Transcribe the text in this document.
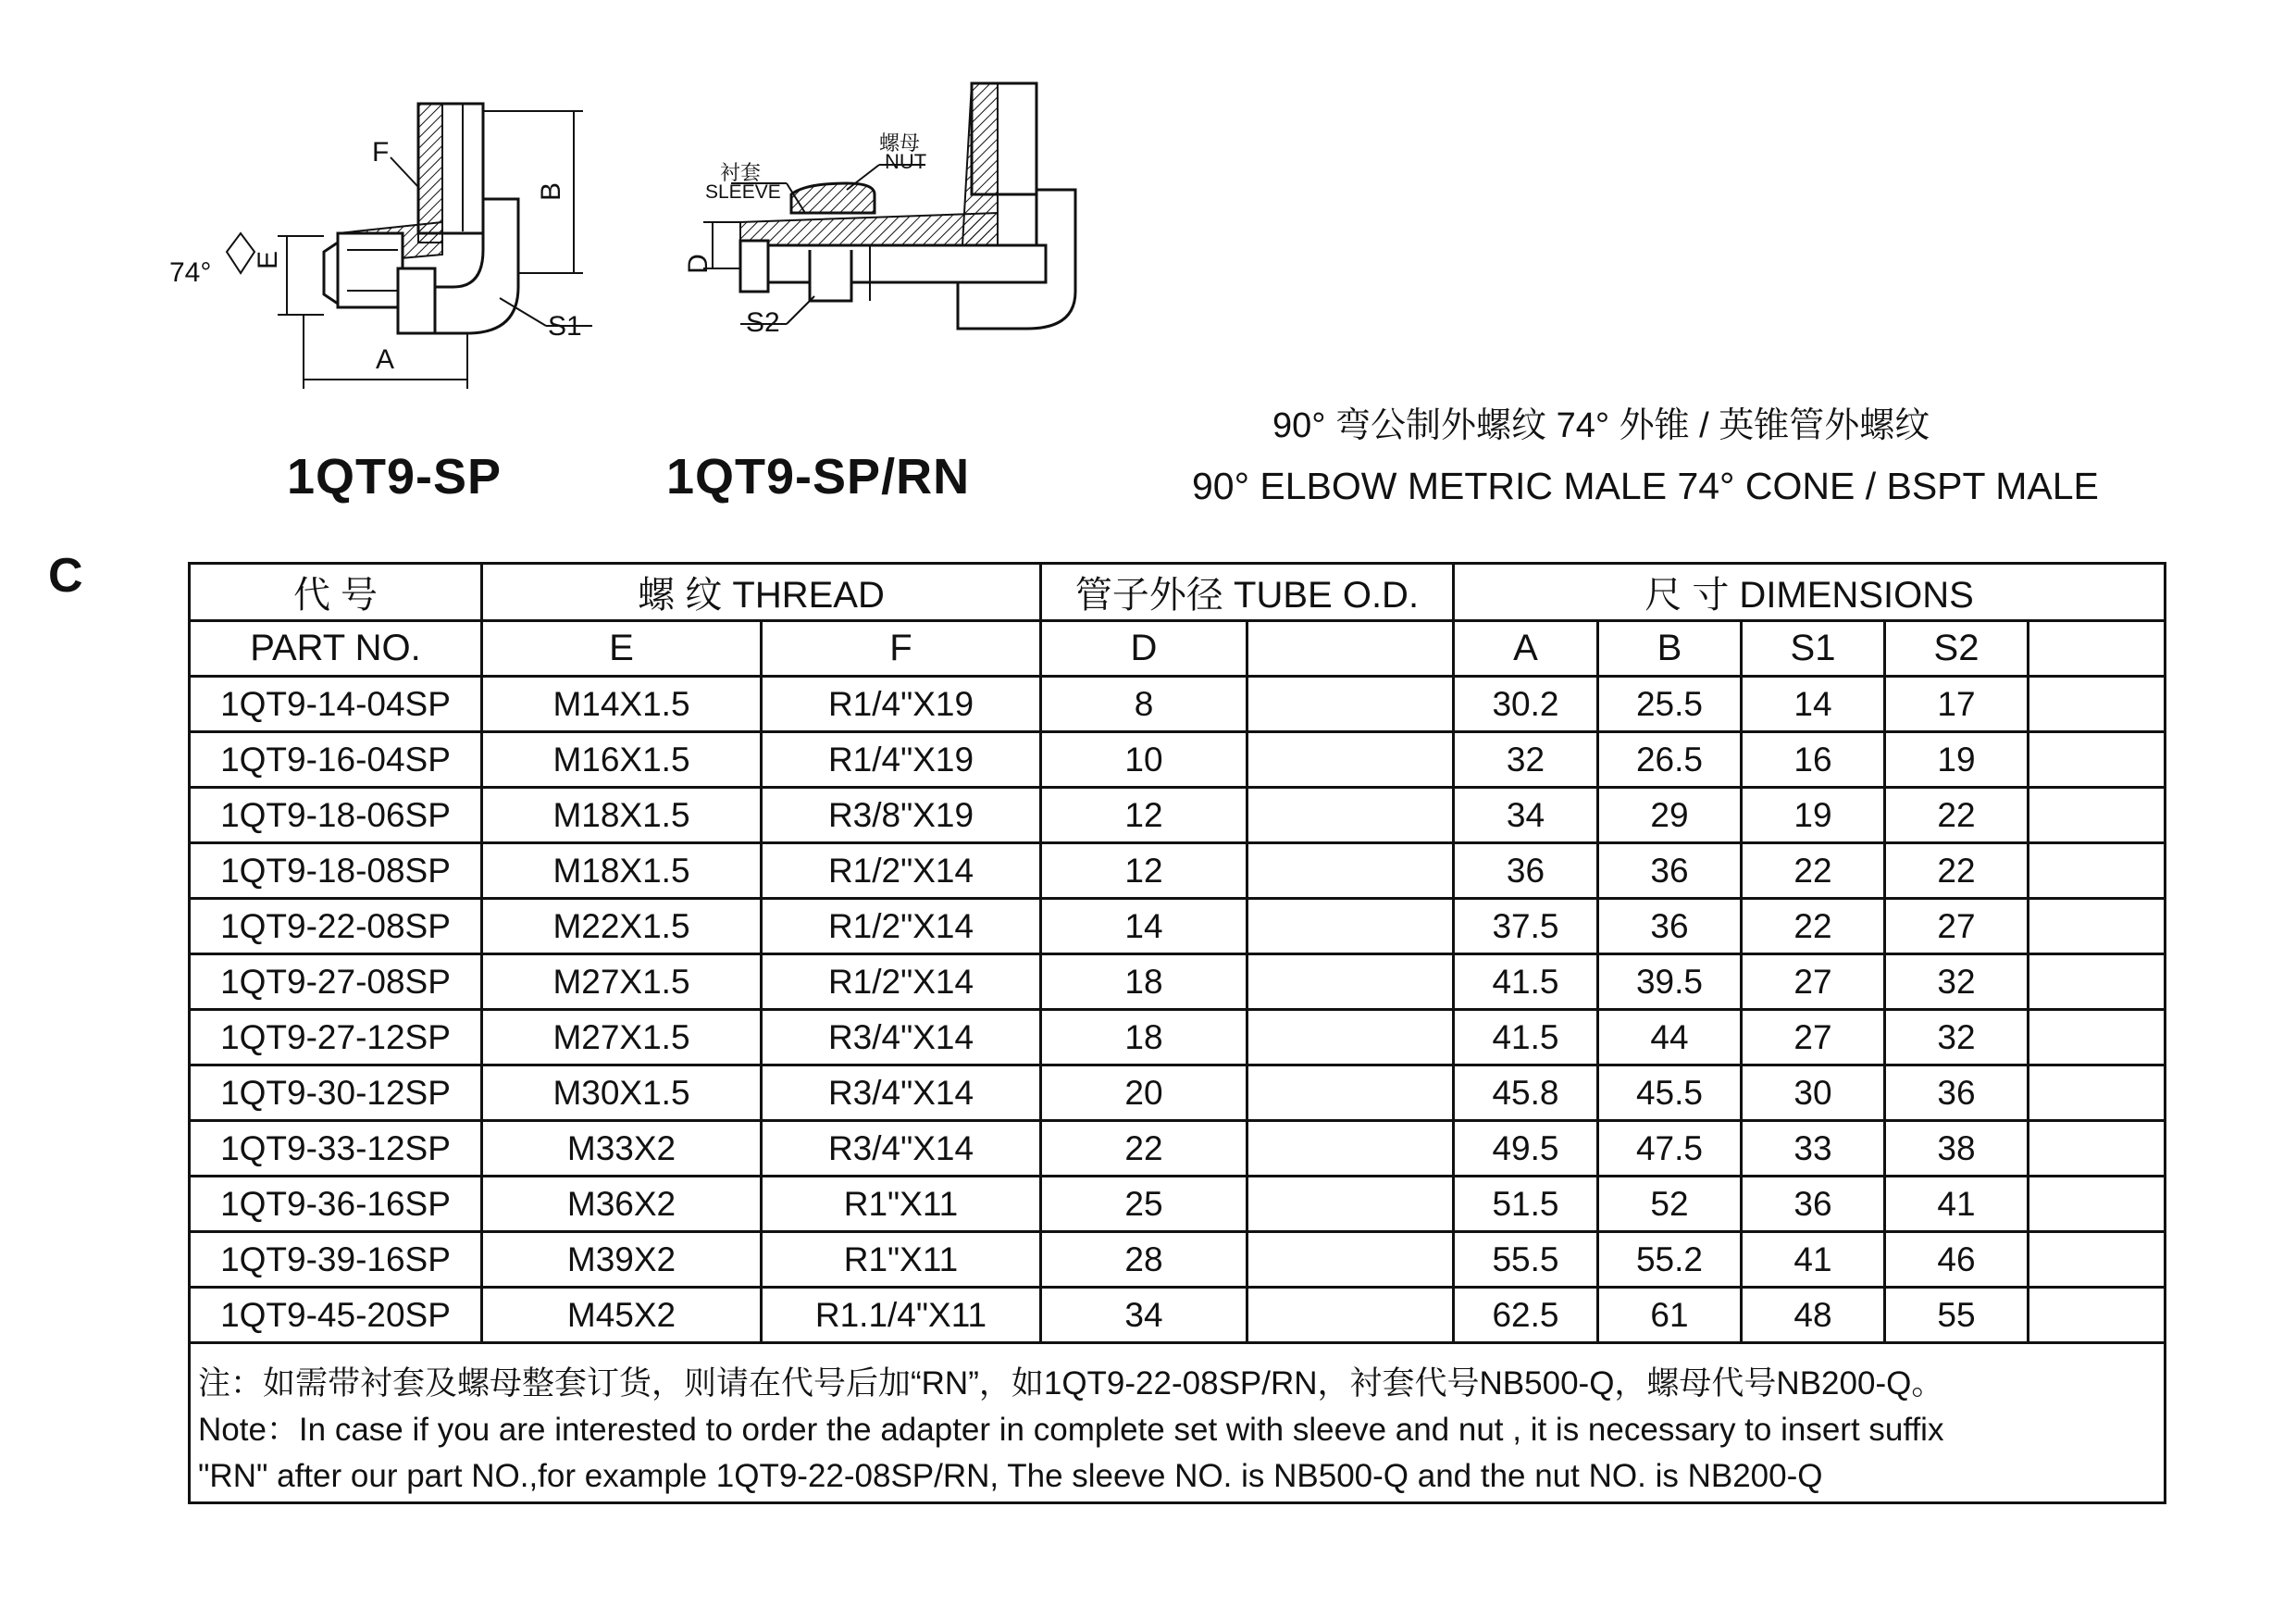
74°
F
B
E
A
S1
衬套
SLEEVE
螺母
NUT
D
S2
1QT9-SP	1QT9-SP/RN
90° 弯公制外螺纹 74° 外锥 / 英锥管外螺纹
90° ELBOW METRIC MALE 74° CONE / BSPT MALE
C	代 号	螺 纹 THREAD		管子外径 TUBE O.D.		尺 寸 DIMENSIONS				
PART NO.	E	F	D		A	B	S1	S2	
1QT9-14-04SP	M14X1.5	R1/4"X19	8		30.2	25.5	14	17	
1QT9-16-04SP	M16X1.5	R1/4"X19	10		32	26.5	16	19	
1QT9-18-06SP	M18X1.5	R3/8"X19	12		34	29	19	22	
1QT9-18-08SP	M18X1.5	R1/2"X14	12		36	36	22	22	
1QT9-22-08SP	M22X1.5	R1/2"X14	14		37.5	36	22	27	
1QT9-27-08SP	M27X1.5	R1/2"X14	18		41.5	39.5	27	32	
1QT9-27-12SP	M27X1.5	R3/4"X14	18		41.5	44	27	32	
1QT9-30-12SP	M30X1.5	R3/4"X14	20		45.8	45.5	30	36	
1QT9-33-12SP	M33X2	R3/4"X14	22		49.5	47.5	33	38	
1QT9-36-16SP	M36X2	R1"X11	25		51.5	52	36	41	
1QT9-39-16SP	M39X2	R1"X11	28		55.5	55.2	41	46	
1QT9-45-20SP	M45X2	R1.1/4"X11	34		62.5	61	48	55	

注：如需带衬套及螺母整套订货，则请在代号后加“RN”，如1QT9-22-08SP/RN，衬套代号NB500-Q，螺母代号NB200-Q。
Note：In case if you are interested to order the adapter in complete set with sleeve and nut , it is necessary to insert suffix
"RN" after our part NO.,for example 1QT9-22-08SP/RN, The sleeve NO. is NB500-Q and the nut NO. is NB200-Q									
